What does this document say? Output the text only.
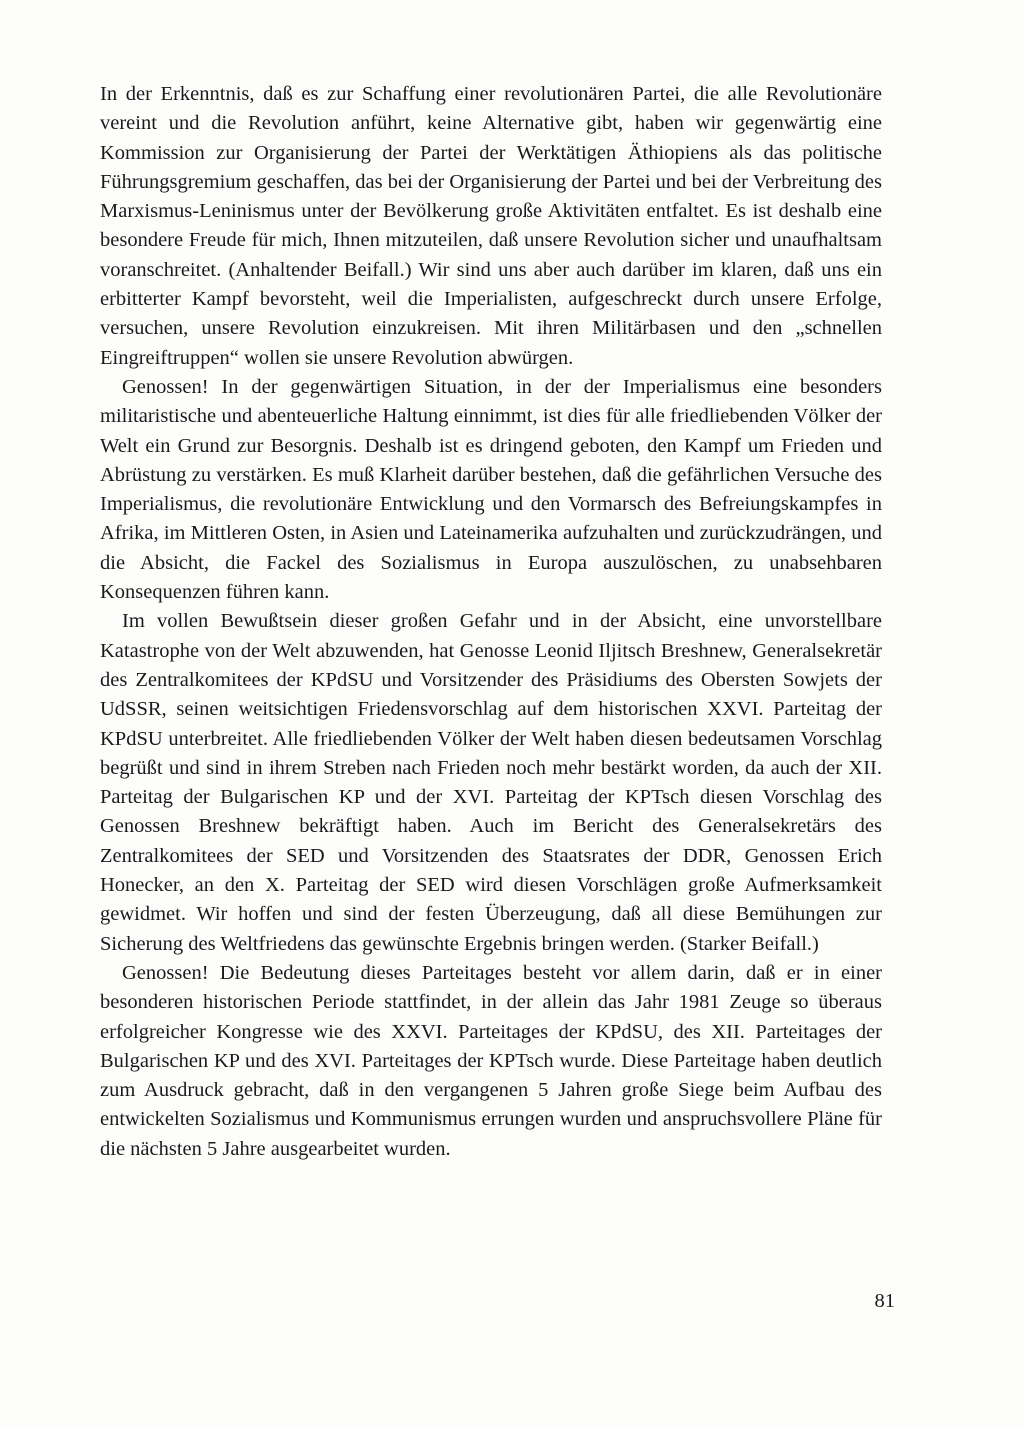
In der Erkenntnis, daß es zur Schaffung einer revolutionären Partei, die alle Revolutionäre vereint und die Revolution anführt, keine Alternative gibt, haben wir gegenwärtig eine Kommission zur Organisierung der Partei der Werktätigen Äthiopiens als das politische Führungsgremium geschaffen, das bei der Organisierung der Partei und bei der Verbreitung des Marxismus-Leninismus unter der Bevölkerung große Aktivitäten entfaltet. Es ist deshalb eine besondere Freude für mich, Ihnen mitzuteilen, daß unsere Revolution sicher und unaufhaltsam voranschreitet. (Anhaltender Beifall.) Wir sind uns aber auch darüber im klaren, daß uns ein erbitterter Kampf bevorsteht, weil die Imperialisten, aufgeschreckt durch unsere Erfolge, versuchen, unsere Revolution einzukreisen. Mit ihren Militärbasen und den „schnellen Eingreiftruppen“ wollen sie unsere Revolution abwürgen.

Genossen! In der gegenwärtigen Situation, in der der Imperialismus eine besonders militaristische und abenteuerliche Haltung einnimmt, ist dies für alle friedliebenden Völker der Welt ein Grund zur Besorgnis. Deshalb ist es dringend geboten, den Kampf um Frieden und Abrüstung zu verstärken. Es muß Klarheit darüber bestehen, daß die gefährlichen Versuche des Imperialismus, die revolutionäre Entwicklung und den Vormarsch des Befreiungskampfes in Afrika, im Mittleren Osten, in Asien und Lateinamerika aufzuhalten und zurückzudrängen, und die Absicht, die Fackel des Sozialismus in Europa auszulöschen, zu unabsehbaren Konsequenzen führen kann.

Im vollen Bewußtsein dieser großen Gefahr und in der Absicht, eine unvorstellbare Katastrophe von der Welt abzuwenden, hat Genosse Leonid Iljitsch Breshnew, Generalsekretär des Zentralkomitees der KPdSU und Vorsitzender des Präsidiums des Obersten Sowjets der UdSSR, seinen weitsichtigen Friedensvorschlag auf dem historischen XXVI. Parteitag der KPdSU unterbreitet. Alle friedliebenden Völker der Welt haben diesen bedeutsamen Vorschlag begrüßt und sind in ihrem Streben nach Frieden noch mehr bestärkt worden, da auch der XII. Parteitag der Bulgarischen KP und der XVI. Parteitag der KPTsch diesen Vorschlag des Genossen Breshnew bekräftigt haben. Auch im Bericht des Generalsekretärs des Zentralkomitees der SED und Vorsitzenden des Staatsrates der DDR, Genossen Erich Honecker, an den X. Parteitag der SED wird diesen Vorschlägen große Aufmerksamkeit gewidmet. Wir hoffen und sind der festen Überzeugung, daß all diese Bemühungen zur Sicherung des Weltfriedens das gewünschte Ergebnis bringen werden. (Starker Beifall.)

Genossen! Die Bedeutung dieses Parteitages besteht vor allem darin, daß er in einer besonderen historischen Periode stattfindet, in der allein das Jahr 1981 Zeuge so überaus erfolgreicher Kongresse wie des XXVI. Parteitages der KPdSU, des XII. Parteitages der Bulgarischen KP und des XVI. Parteitages der KPTsch wurde. Diese Parteitage haben deutlich zum Ausdruck gebracht, daß in den vergangenen 5 Jahren große Siege beim Aufbau des entwickelten Sozialismus und Kommunismus errungen wurden und anspruchsvollere Pläne für die nächsten 5 Jahre ausgearbeitet wurden.

81
